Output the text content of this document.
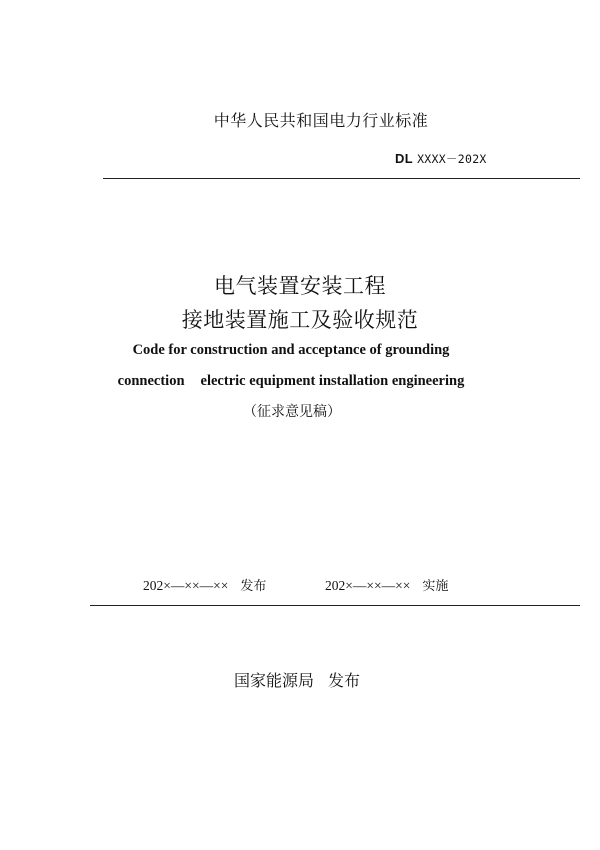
中华人民共和国电力行业标准
DL XXXX－202X
电气装置安装工程
接地装置施工及验收规范
Code for construction and acceptance of grounding
connection electric equipment installation engineering
（征求意见稿）
202×—××—×× 发布	202×—××—×× 实施
国家能源局 发布
